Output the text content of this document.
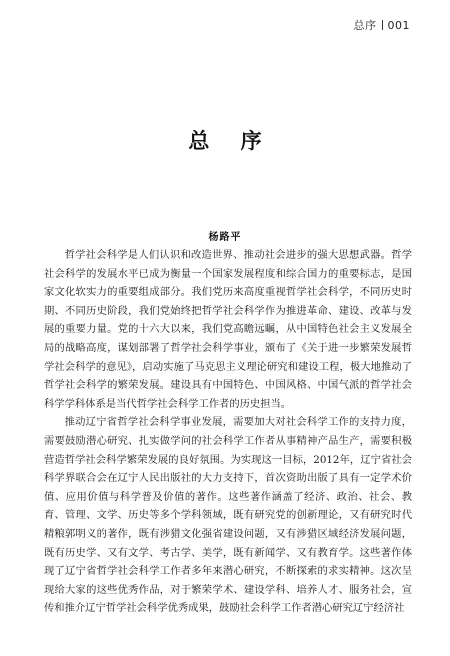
总序 001
总 序
杨路平

哲学社会科学是人们认识和改造世界、推动社会进步的强大思想武器。哲学社会科学的发展水平已成为衡量一个国家发展程度和综合国力的重要标志，是国家文化软实力的重要组成部分。我们党历来高度重视哲学社会科学，不同历史时期、不同历史阶段，我们党始终把哲学社会科学作为推进革命、建设、改革与发展的重要力量。党的十六大以来，我们党高瞻远瞩，从中国特色社会主义发展全局的战略高度，谋划部署了哲学社会科学事业，颁布了《关于进一步繁荣发展哲学社会科学的意见》，启动实施了马克思主义理论研究和建设工程，极大地推动了哲学社会科学的繁荣发展。建设具有中国特色、中国风格、中国气派的哲学社会科学学科体系是当代哲学社会科学工作者的历史担当。

推动辽宁省哲学社会科学事业发展，需要加大对社会科学工作的支持力度，需要鼓励潜心研究、扎实做学问的社会科学工作者从事精神产品生产，需要积极营造哲学社会科学繁荣发展的良好氛围。为实现这一目标，2012年，辽宁省社会科学界联合会在辽宁人民出版社的大力支持下，首次资助出版了具有一定学术价值、应用价值与科学普及价值的著作。这些著作涵盖了经济、政治、社会、教育、管理、文学、历史等多个学科领域，既有研究党的创新理论，又有研究时代精粮郭明义的著作，既有涉猎文化强省建设问题，又有涉猎区域经济发展问题，既有历史学、又有文学、考古学、美学，既有新闻学、又有教育学。这些著作体现了辽宁省哲学社会科学工作者多年来潜心研究，不断探索的求实精神。这次呈现给大家的这些优秀作品，对于繁荣学术、建设学科、培养人才、服务社会，宣传和推介辽宁哲学社会科学优秀成果，鼓励社会科学工作者潜心研究辽宁经济社
